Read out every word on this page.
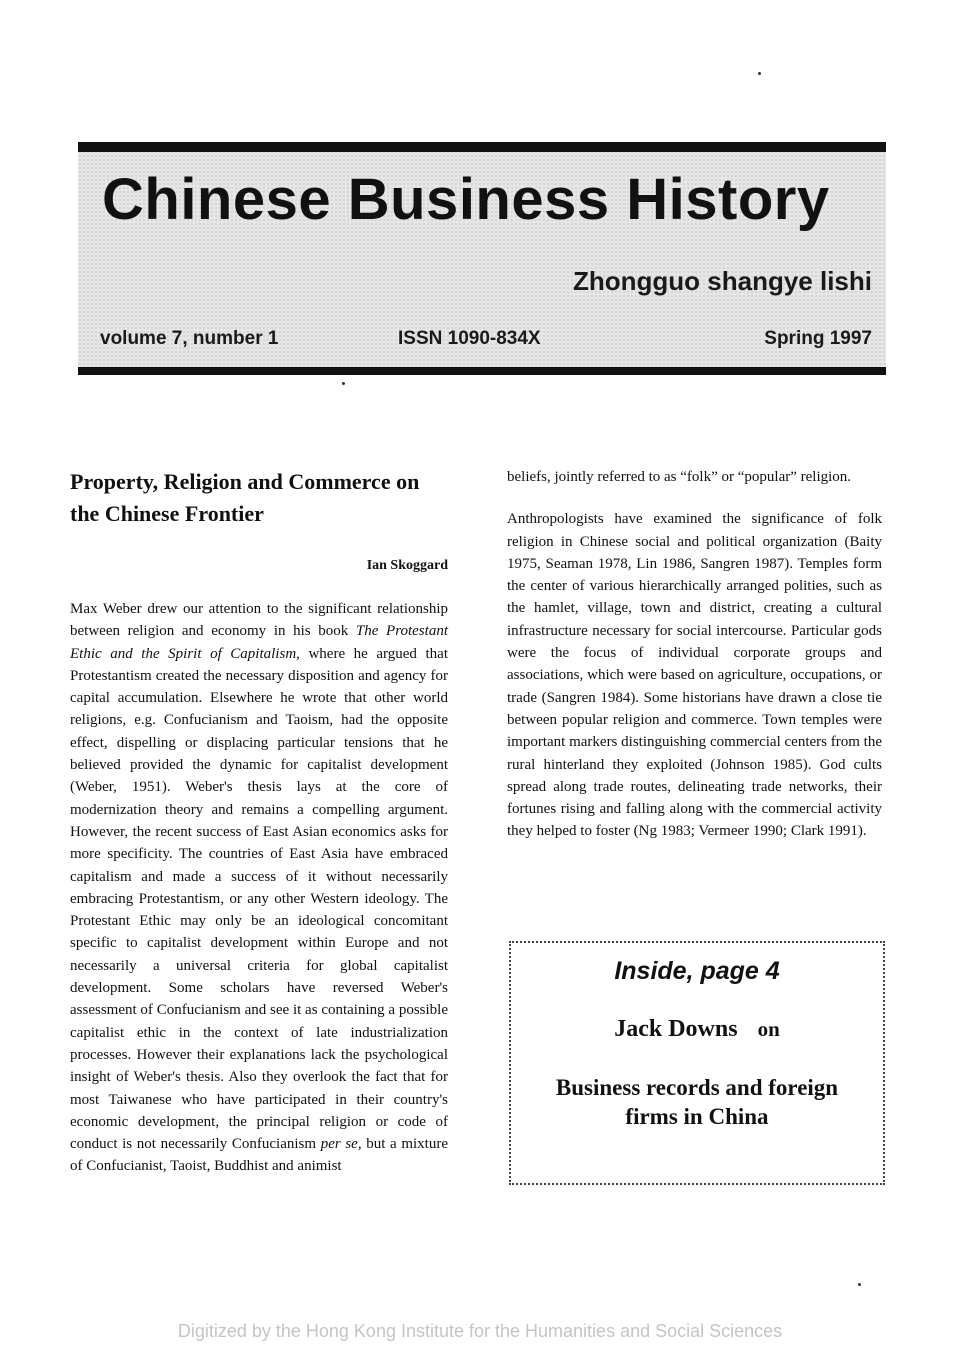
Chinese Business History
Zhongguo shangye lishi
volume 7, number 1	ISSN 1090-834X	Spring 1997
Property, Religion and Commerce on the Chinese Frontier
Ian Skoggard

Max Weber drew our attention to the significant relationship between religion and economy in his book The Protestant Ethic and the Spirit of Capitalism, where he argued that Protestantism created the necessary disposition and agency for capital accumulation. Elsewhere he wrote that other world religions, e.g. Confucianism and Taoism, had the opposite effect, dispelling or displacing particular tensions that he believed provided the dynamic for capitalist development (Weber, 1951). Weber's thesis lays at the core of modernization theory and remains a compelling argument. However, the recent success of East Asian economics asks for more specificity. The countries of East Asia have embraced capitalism and made a success of it without necessarily embracing Protestantism, or any other Western ideology. The Protestant Ethic may only be an ideological concomitant specific to capitalist development within Europe and not necessarily a universal criteria for global capitalist development. Some scholars have reversed Weber's assessment of Confucianism and see it as containing a possible capitalist ethic in the context of late industrialization processes. However their explanations lack the psychological insight of Weber's thesis. Also they overlook the fact that for most Taiwanese who have participated in their country's economic development, the principal religion or code of conduct is not necessarily Confucianism per se, but a mixture of Confucianist, Taoist, Buddhist and animist

beliefs, jointly referred to as “folk” or “popular” religion.

Anthropologists have examined the significance of folk religion in Chinese social and political organization (Baity 1975, Seaman 1978, Lin 1986, Sangren 1987). Temples form the center of various hierarchically arranged polities, such as the hamlet, village, town and district, creating a cultural infrastructure necessary for social intercourse. Particular gods were the focus of individual corporate groups and associations, which were based on agriculture, occupations, or trade (Sangren 1984). Some historians have drawn a close tie between popular religion and commerce. Town temples were important markers distinguishing commercial centers from the rural hinterland they exploited (Johnson 1985). God cults spread along trade routes, delineating trade networks, their fortunes rising and falling along with the commercial activity they helped to foster (Ng 1983; Vermeer 1990; Clark 1991).

Inside, page 4
Jack Downs on
Business records and foreign firms in China
Digitized by the Hong Kong Institute for the Humanities and Social Sciences
